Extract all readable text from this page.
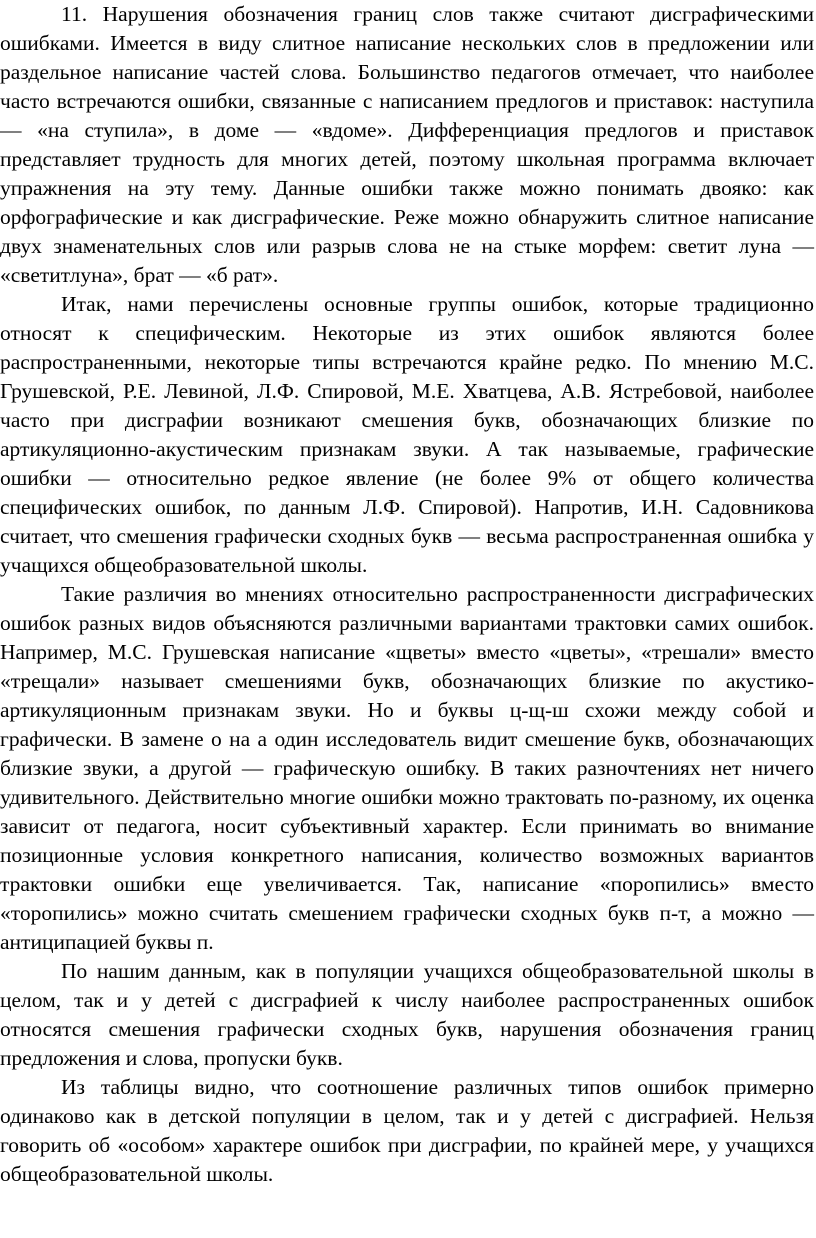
11. Нарушения обозначения границ слов также считают дисграфическими ошибками. Имеется в виду слитное написание нескольких слов в предложении или раздельное написание частей слова. Большинство педагогов отмечает, что наиболее часто встречаются ошибки, связанные с написанием предлогов и приставок: наступила — «на ступила», в доме — «вдоме». Дифференциация предлогов и приставок представляет трудность для многих детей, поэтому школьная программа включает упражнения на эту тему. Данные ошибки также можно понимать двояко: как орфографические и как дисграфические. Реже можно обнаружить слитное написание двух знаменательных слов или разрыв слова не на стыке морфем: светит луна — «светитлуна», брат — «б рат».

Итак, нами перечислены основные группы ошибок, которые традиционно относят к специфическим. Некоторые из этих ошибок являются более распространенными, некоторые типы встречаются крайне редко. По мнению М.С. Грушевской, Р.Е. Левиной, Л.Ф. Спировой, М.Е. Хватцева, А.В. Ястребовой, наиболее часто при дисграфии возникают смешения букв, обозначающих близкие по артикуляционно-акустическим признакам звуки. А так называемые, графические ошибки — относительно редкое явление (не более 9% от общего количества специфических ошибок, по данным Л.Ф. Спировой). Напротив, И.Н. Садовникова считает, что смешения графически сходных букв — весьма распространенная ошибка у учащихся общеобразовательной школы.

Такие различия во мнениях относительно распространенности дисграфических ошибок разных видов объясняются различными вариантами трактовки самих ошибок. Например, М.С. Грушевская написание «щветы» вместо «цветы», «трешали» вместо «трещали» называет смешениями букв, обозначающих близкие по акустико-артикуляционным признакам звуки. Но и буквы ц-щ-ш схожи между собой и графически. В замене о на а один исследователь видит смешение букв, обозначающих близкие звуки, а другой — графическую ошибку. В таких разночтениях нет ничего удивительного. Действительно многие ошибки можно трактовать по-разному, их оценка зависит от педагога, носит субъективный характер. Если принимать во внимание позиционные условия конкретного написания, количество возможных вариантов трактовки ошибки еще увеличивается. Так, написание «поропились» вместо «торопились» можно считать смешением графически сходных букв п-т, а можно — антиципацией буквы п.

По нашим данным, как в популяции учащихся общеобразовательной школы в целом, так и у детей с дисграфией к числу наиболее распространенных ошибок относятся смешения графически сходных букв, нарушения обозначения границ предложения и слова, пропуски букв.

Из таблицы видно, что соотношение различных типов ошибок примерно одинаково как в детской популяции в целом, так и у детей с дисграфией. Нельзя говорить об «особом» характере ошибок при дисграфии, по крайней мере, у учащихся общеобразовательной школы.
